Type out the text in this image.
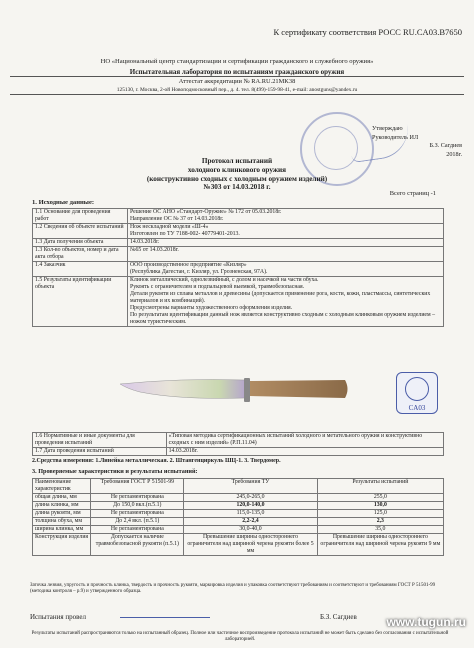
К сертификату соответствия РОСС RU.CA03.B7650
НО «Национальный центр стандартизации и сертификации гражданского и служебного оружия»
Испытательная лаборатория по испытаниям гражданского оружия
Аттестат аккредитации № RA.RU.21MK38
125130, г. Москва, 2-ой Новоподмосковный пер., д. 4. тел. 8(499)-159-98-41, e-mail: anostguns@yandex.ru
Утверждаю
Руководитель ИЛ
Б.З. Сагдиев
2018г.
Протокол испытаний
холодного клинкового оружия
(конструктивно сходных с холодным оружием изделий)
№303 от 14.03.2018 г.
Всего страниц -1
1. Исходные данные:
1.1 Основание для проведения работ	Решение ОС АНО «Стандарт-Оружие» № 172 от 05.03.2018г.
Направление ОС № 37 от 14.03.2018г.
1.2 Сведения об объекте испытаний	Нож нескладной модели «Ш-4»
Изготовлен по ТУ 7188-002- 40779401-2013.
1.3 Дата получения объекта	14.03.2018г.
1.3 Кол-во объектов, номер и дата акта отбора	№65 от 14.03.2018г.
1.4 Заказчик	ООО производственное предприятие «Кизляр»
(Республика Дагестан, г. Кизляр, ул. Грозненская, 97А).
1.5 Результаты идентификации объекта	Клинок металлический, однолезвийный, с долом и насечкой на части обуха.
Рукоять с ограничителем и подпальцевой выемкой, травмобезопасная.
Детали рукояти из сплава металлов и древесины (допускается применение рога, кости, кожи, пластмассы, синтетических материалов и их комбинаций).
Предусмотрены варианты художественного оформления изделия.
По результатам идентификации данный нож является конструктивно сходным с холодным клинковым оружием изделием – ножом туристическим.
CA03
1.6 Нормативные и иные документы для проведения испытаний	«Типовая методика сертификационных испытаний холодного и метательного оружия и конструктивно сходных с ним изделий» (Р.П.11.04)
1.7 Дата проведения испытаний	14.03.2018г.
2.Средства измерения: 1.Линейка металлическая. 2. Штангенциркуль ШЦ-1. 3. Твердомер.
3. Проверяемые характеристики и результаты испытаний:
Наименование характеристик	Требования ГОСТ Р 51501-99	Требования ТУ	Результаты испытаний
общая длина, мм	Не регламентирована	245,0-265,0	255,0
длина клинка, мм	До 150,0 вкл.(п.5.1)	120,0-140,0	130,0
длина рукояти, мм	Не регламентирована	115,0-135,0	125,0
толщина обуха, мм	До 2,4 вкл. (п.5.1)	2,2-2,4	2,3
ширина клинка, мм	Не регламентирована	30,0-40,0	35,0
Конструкция изделия	Допускается наличие травмобезопасной рукояти (п.5.1)	Превышение ширины одностороннего ограничителя над шириной черена рукояти более 5 мм	Превышение ширины одностороннего ограничителя над шириной черена рукояти 9 мм
Заточка лезвия, упругость и прочность клинка, твердость и прочность рукояти, маркировка изделия и упаковка соответствуют требованиям и соответствуют и требованиям ГОСТ Р 51501-99 (методика контроля – р.9) и утвержденного образца.
Испытания провел	Б.З. Сагдиев www.tugun.ru
Результаты испытаний распространяются только на испытанный образец. Полное или частичное воспроизведение протокола испытаний не может быть сделано без согласования с испытательной лабораторией.
